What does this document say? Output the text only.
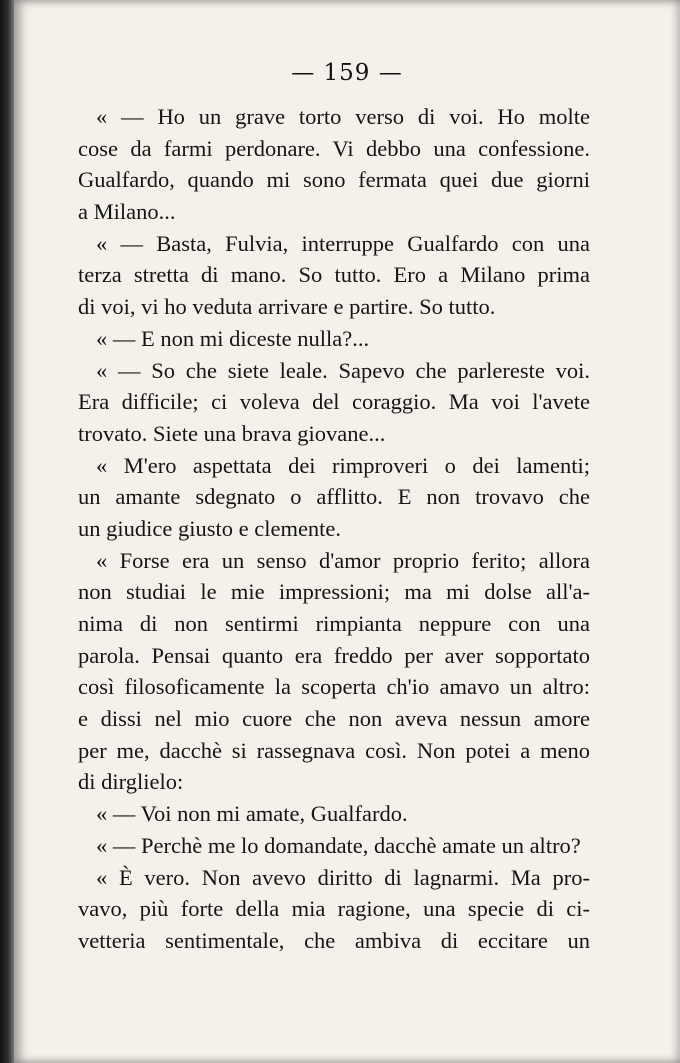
— 159 —
« — Ho un grave torto verso di voi. Ho molte
cose da farmi perdonare. Vi debbo una confessione.
Gualfardo, quando mi sono fermata quei due giorni
a Milano...
« — Basta, Fulvia, interruppe Gualfardo con una
terza stretta di mano. So tutto. Ero a Milano prima
di voi, vi ho veduta arrivare e partire. So tutto.
« — E non mi diceste nulla?...
« — So che siete leale. Sapevo che parlereste voi.
Era difficile; ci voleva del coraggio. Ma voi l'avete
trovato. Siete una brava giovane...
« M'ero aspettata dei rimproveri o dei lamenti;
un amante sdegnato o afflitto. E non trovavo che
un giudice giusto e clemente.
« Forse era un senso d'amor proprio ferito; allora
non studiai le mie impressioni; ma mi dolse all'a-
nima di non sentirmi rimpianta neppure con una
parola. Pensai quanto era freddo per aver sopportato
così filosoficamente la scoperta ch'io amavo un altro:
e dissi nel mio cuore che non aveva nessun amore
per me, dacchè si rassegnava così. Non potei a meno
di dirglielo:
« — Voi non mi amate, Gualfardo.
« — Perchè me lo domandate, dacchè amate un altro?
« È vero. Non avevo diritto di lagnarmi. Ma pro-
vavo, più forte della mia ragione, una specie di ci-
vetteria sentimentale, che ambiva di eccitare un
